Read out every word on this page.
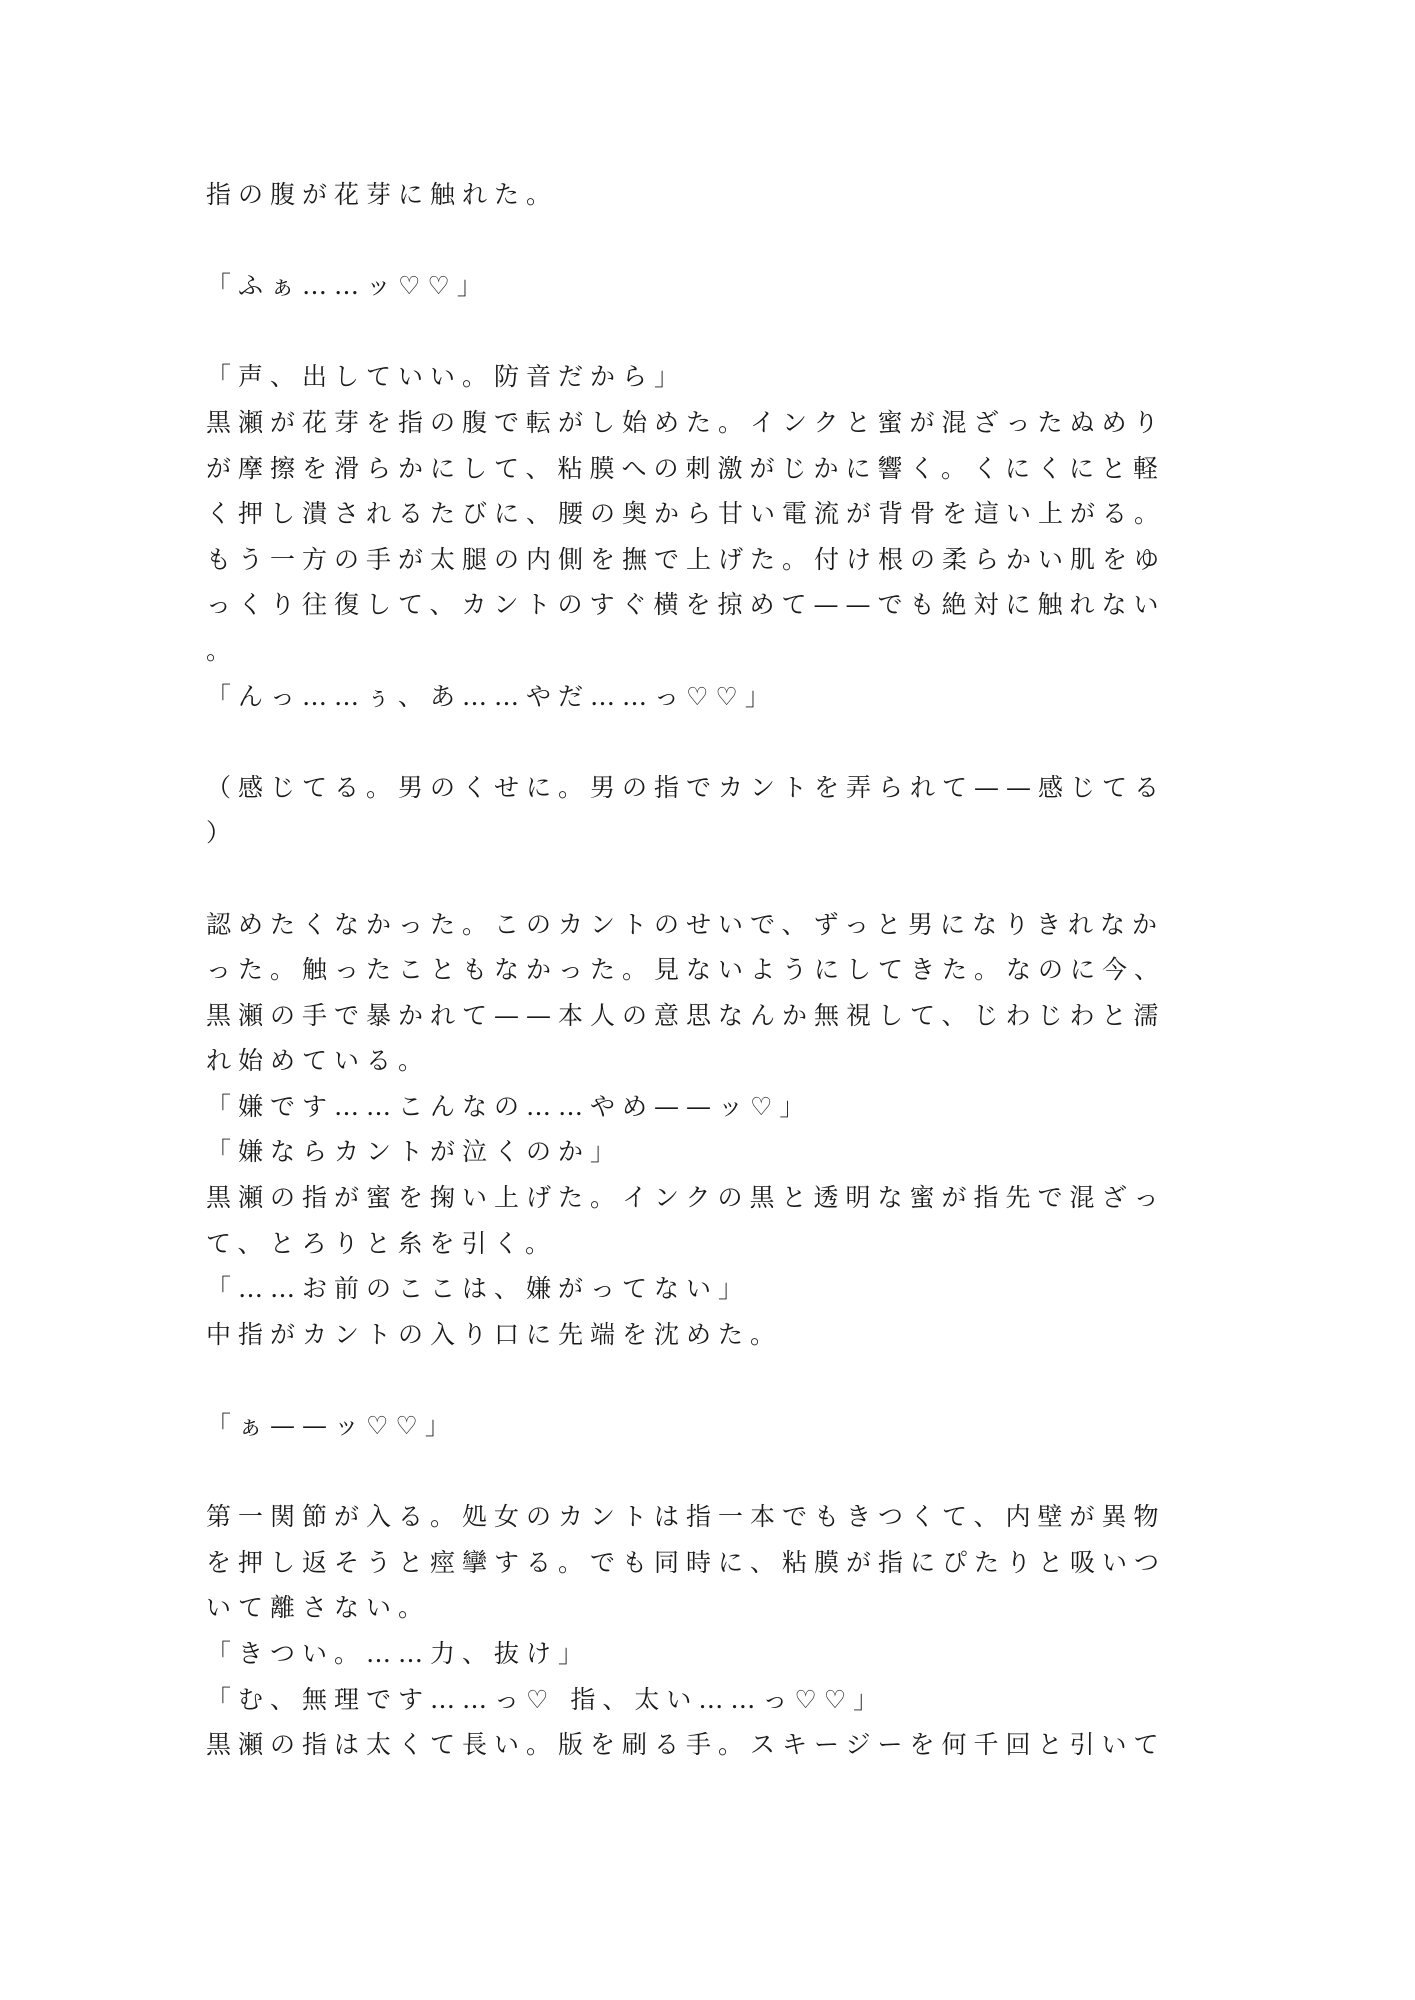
指の腹が花芽に触れた。
「ふぁ……ッ♡♡」
「声、出していい。防音だから」
黒瀬が花芽を指の腹で転がし始めた。インクと蜜が混ざったぬめり
が摩擦を滑らかにして、粘膜への刺激がじかに響く。くにくにと軽
く押し潰されるたびに、腰の奥から甘い電流が背骨を這い上がる。
もう一方の手が太腿の内側を撫で上げた。付け根の柔らかい肌をゆ
っくり往復して、カントのすぐ横を掠めて——でも絶対に触れない
。
「んっ……ぅ、あ……やだ……っ♡♡」
（感じてる。男のくせに。男の指でカントを弄られて——感じてる
）
認めたくなかった。このカントのせいで、ずっと男になりきれなか
った。触ったこともなかった。見ないようにしてきた。なのに今、
黒瀬の手で暴かれて——本人の意思なんか無視して、じわじわと濡
れ始めている。
「嫌です……こんなの……やめ——ッ♡」
「嫌ならカントが泣くのか」
黒瀬の指が蜜を掬い上げた。インクの黒と透明な蜜が指先で混ざっ
て、とろりと糸を引く。
「……お前のここは、嫌がってない」
中指がカントの入り口に先端を沈めた。
「ぁ——ッ♡♡」
第一関節が入る。処女のカントは指一本でもきつくて、内壁が異物
を押し返そうと痙攣する。でも同時に、粘膜が指にぴたりと吸いつ
いて離さない。
「きつい。……力、抜け」
「む、無理です……っ♡ 指、太い……っ♡♡」
黒瀬の指は太くて長い。版を刷る手。スキージーを何千回と引いて
